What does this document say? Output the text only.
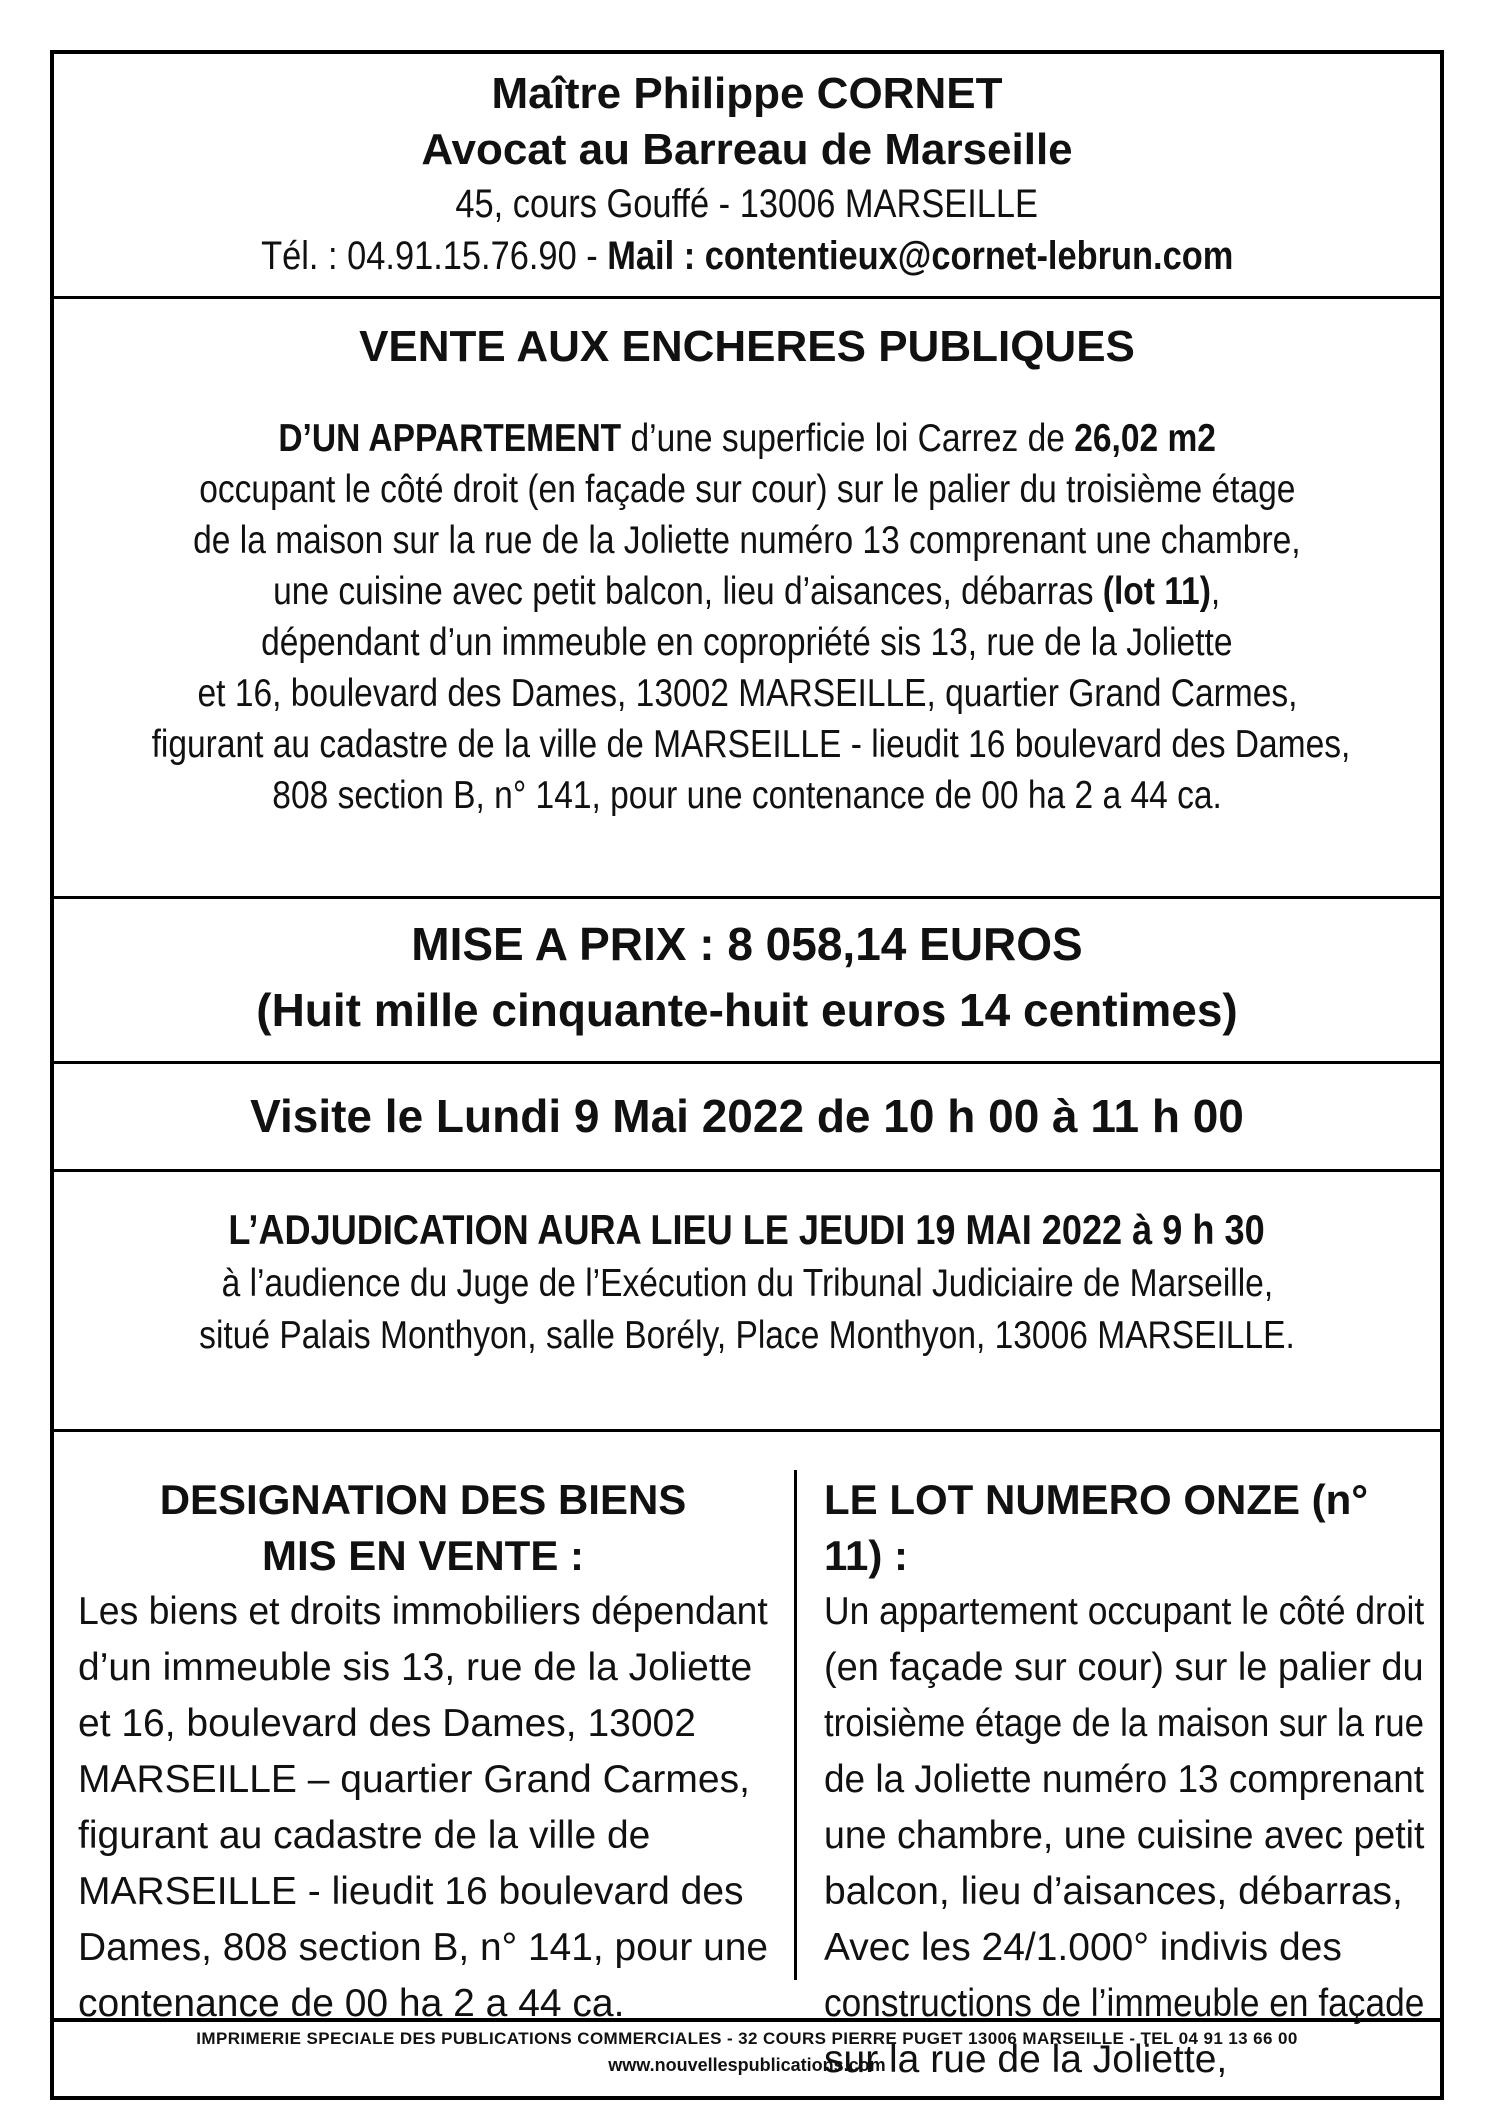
Maître Philippe CORNET
Avocat au Barreau de Marseille
45, cours Gouffé - 13006 MARSEILLE
Tél. : 04.91.15.76.90 - Mail : contentieux@cornet-lebrun.com
VENTE AUX ENCHERES PUBLIQUES
D’UN APPARTEMENT d’une superficie loi Carrez de 26,02 m2
occupant le côté droit (en façade sur cour) sur le palier du troisième étage
de la maison sur la rue de la Joliette numéro 13 comprenant une chambre,
une cuisine avec petit balcon, lieu d’aisances, débarras (lot 11),
dépendant d’un immeuble en copropriété sis 13, rue de la Joliette
et 16, boulevard des Dames, 13002 MARSEILLE, quartier Grand Carmes,
figurant au cadastre de la ville de MARSEILLE - lieudit 16 boulevard des Dames,
808 section B, n° 141, pour une contenance de 00 ha 2 a 44 ca.
MISE A PRIX : 8 058,14 EUROS
(Huit mille cinquante-huit euros 14 centimes)
Visite le Lundi 9 Mai 2022 de 10 h 00 à 11 h 00
L’ADJUDICATION AURA LIEU LE JEUDI 19 MAI 2022 à 9 h 30
à l’audience du Juge de l’Exécution du Tribunal Judiciaire de Marseille,
situé Palais Monthyon, salle Borély, Place Monthyon, 13006 MARSEILLE.
DESIGNATION DES BIENS
MIS EN VENTE :
Les biens et droits immobiliers dépendant
d’un immeuble sis 13, rue de la Joliette
et 16, boulevard des Dames, 13002
MARSEILLE – quartier Grand Carmes,
figurant au cadastre de la ville de
MARSEILLE - lieudit 16 boulevard des
Dames, 808 section B, n° 141, pour une
contenance de 00 ha 2 a 44 ca.
LE LOT NUMERO ONZE (n° 11) :
Un appartement occupant le côté droit
(en façade sur cour) sur le palier du
troisième étage de la maison sur la rue
de la Joliette numéro 13 comprenant
une chambre, une cuisine avec petit
balcon, lieu d’aisances, débarras,
Avec les 24/1.000° indivis des
constructions de l’immeuble en façade
sur la rue de la Joliette,
IMPRIMERIE SPECIALE DES PUBLICATIONS COMMERCIALES - 32 COURS PIERRE PUGET 13006 MARSEILLE - TEL 04 91 13 66 00
www.nouvellespublications.com
